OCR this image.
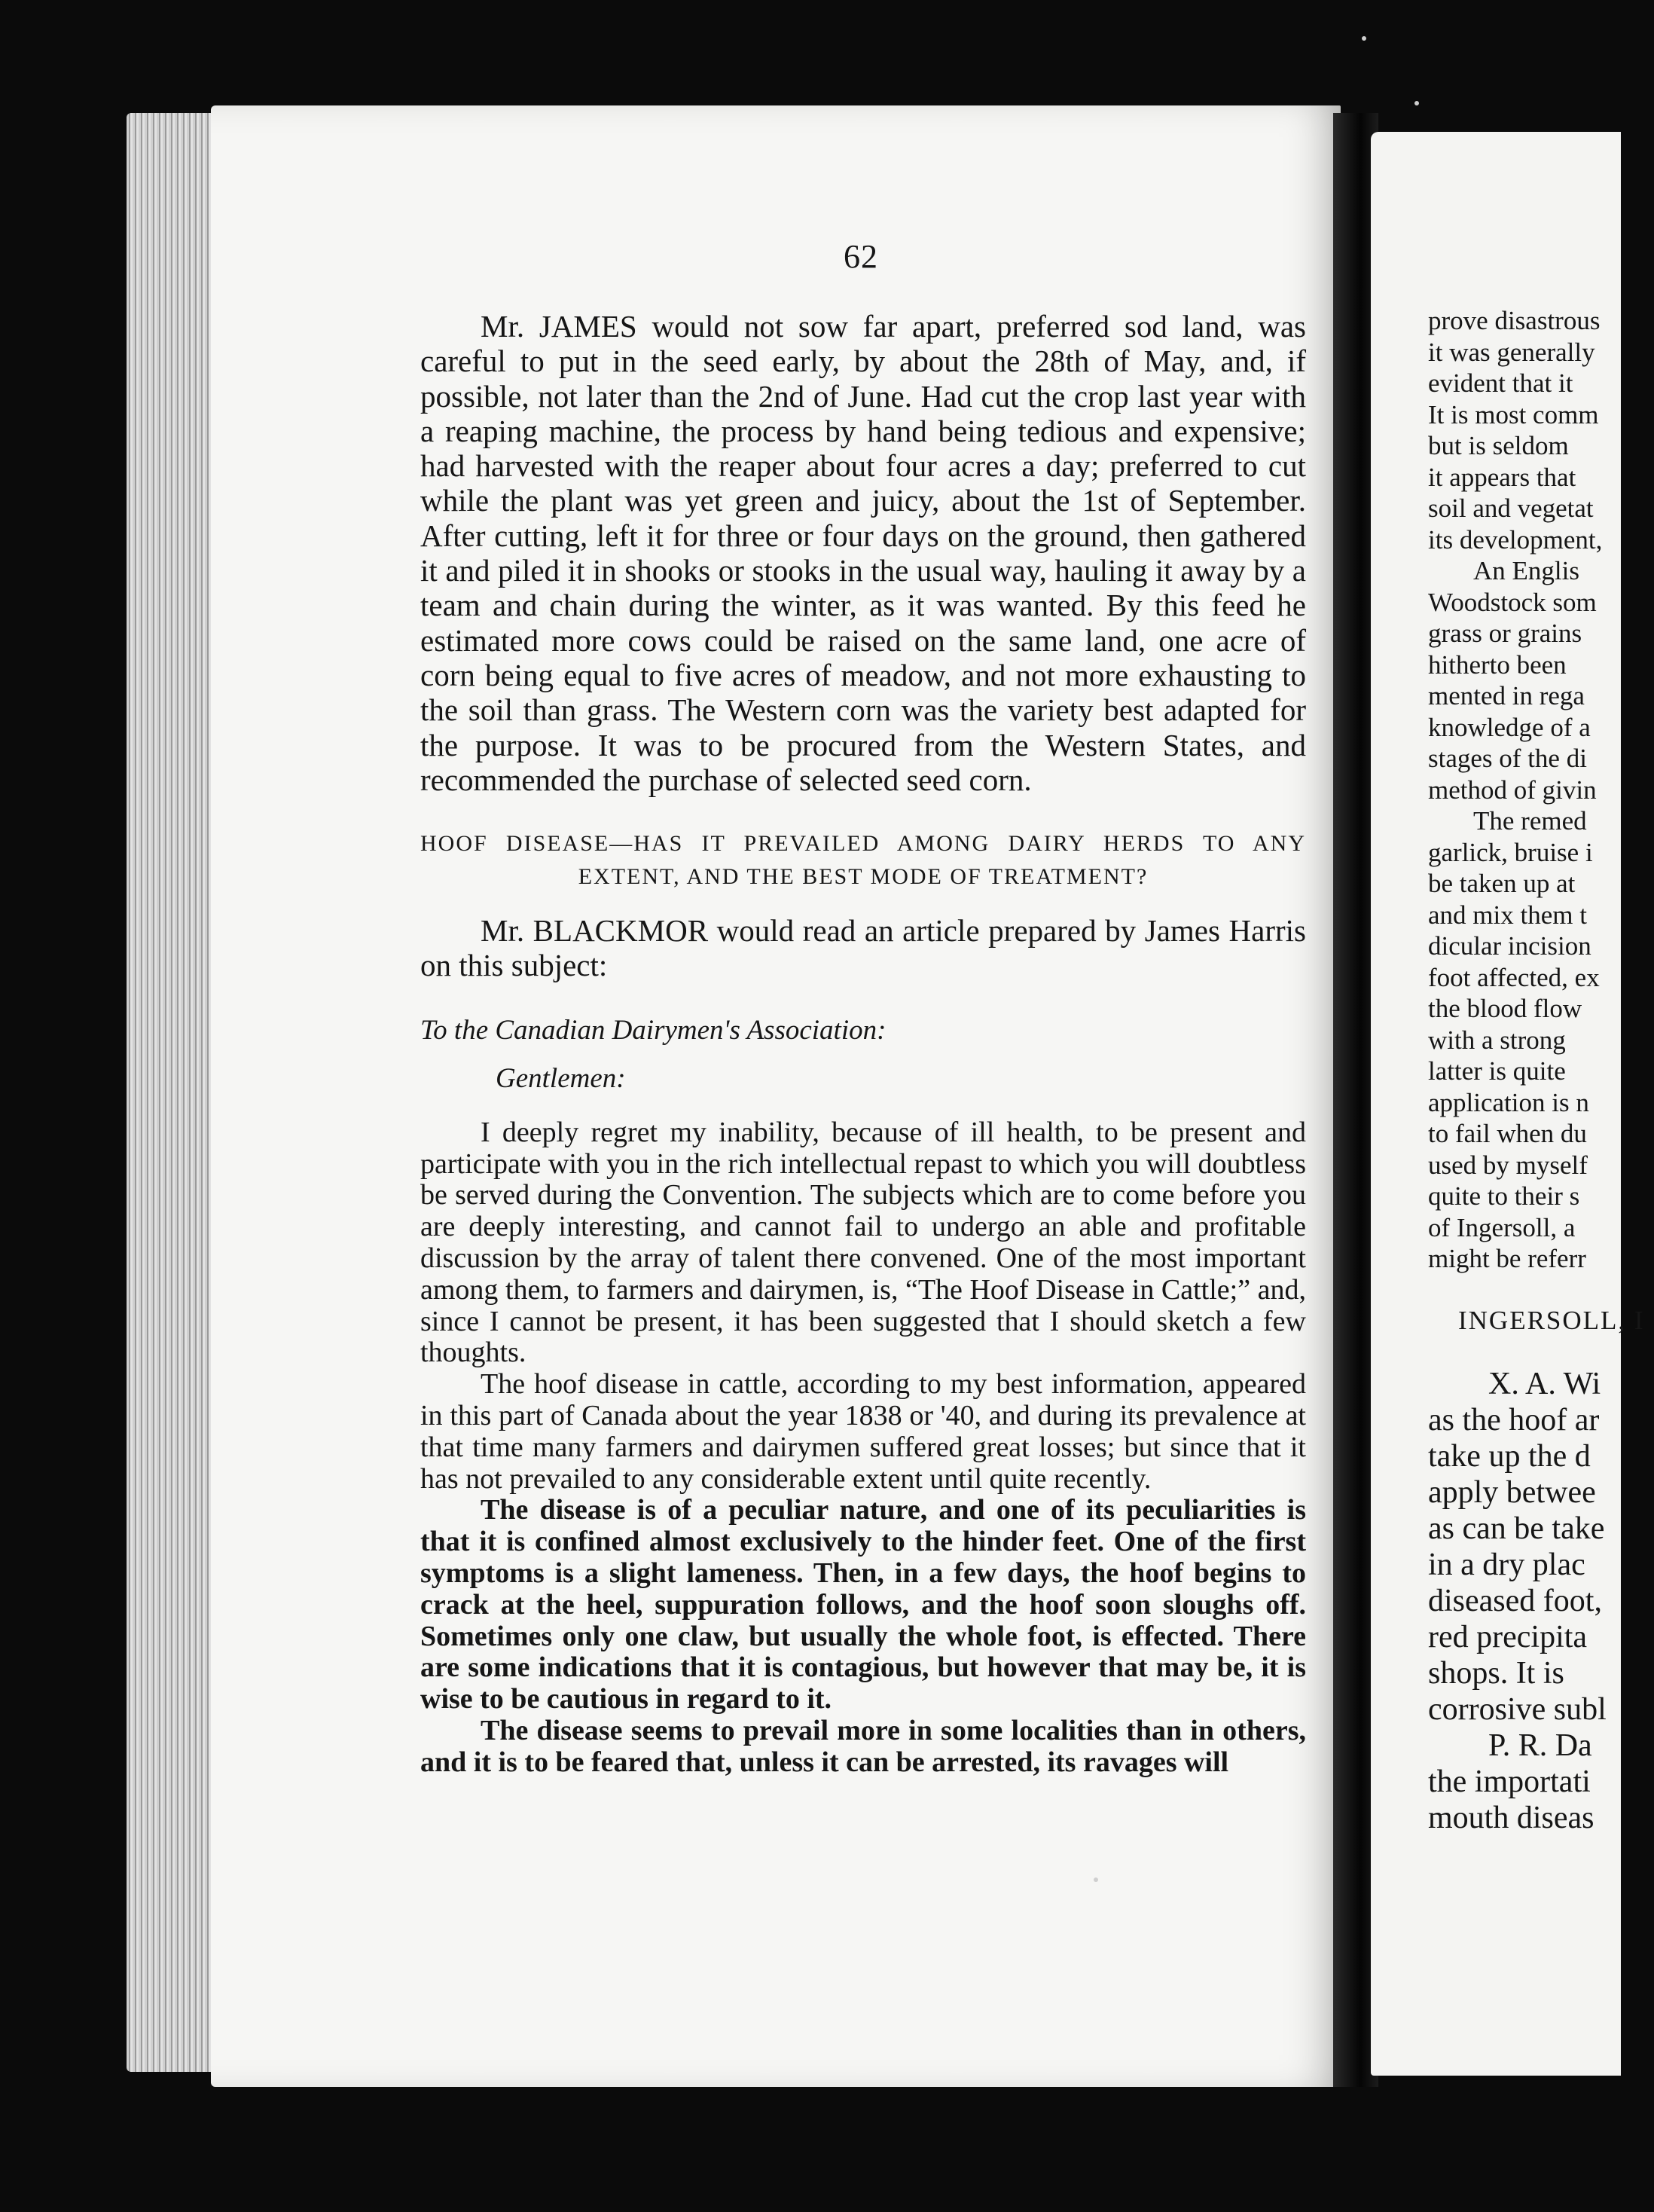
62

Mr. JAMES would not sow far apart, preferred sod land, was careful to put in the seed early, by about the 28th of May, and, if possible, not later than the 2nd of June. Had cut the crop last year with a reaping machine, the process by hand being tedious and expensive; had harvested with the reaper about four acres a day; preferred to cut while the plant was yet green and juicy, about the 1st of September. After cutting, left it for three or four days on the ground, then gathered it and piled it in shooks or stooks in the usual way, hauling it away by a team and chain during the winter, as it was wanted. By this feed he estimated more cows could be raised on the same land, one acre of corn being equal to five acres of meadow, and not more exhausting to the soil than grass. The Western corn was the variety best adapted for the purpose. It was to be procured from the Western States, and recommended the purchase of selected seed corn.

HOOF DISEASE—HAS IT PREVAILED AMONG DAIRY HERDS TO ANY
EXTENT, AND THE BEST MODE OF TREATMENT?

Mr. BLACKMOR would read an article prepared by James Harris on this subject:

To the Canadian Dairymen's Association:

Gentlemen:

I deeply regret my inability, because of ill health, to be present and participate with you in the rich intellectual repast to which you will doubtless be served during the Convention. The subjects which are to come before you are deeply interesting, and cannot fail to undergo an able and profitable discussion by the array of talent there convened. One of the most important among them, to farmers and dairymen, is, “The Hoof Disease in Cattle;” and, since I cannot be present, it has been suggested that I should sketch a few thoughts.

The hoof disease in cattle, according to my best information, appeared in this part of Canada about the year 1838 or '40, and during its prevalence at that time many farmers and dairymen suffered great losses; but since that it has not prevailed to any considerable extent until quite recently.

The disease is of a peculiar nature, and one of its peculiarities is that it is confined almost exclusively to the hinder feet. One of the first symptoms is a slight lameness. Then, in a few days, the hoof begins to crack at the heel, suppuration follows, and the hoof soon sloughs off. Sometimes only one claw, but usually the whole foot, is effected. There are some indications that it is contagious, but however that may be, it is wise to be cautious in regard to it.

The disease seems to prevail more in some localities than in others, and it is to be feared that, unless it can be arrested, its ravages will

prove disastrous
it was generally
evident that it
It is most comm
but is seldom
it appears that
soil and vegetat
its development,
An Englis
Woodstock som
grass or grains
hitherto been
mented in rega
knowledge of a
stages of the di
method of givin
The remed
garlick, bruise i
be taken up at
and mix them t
dicular incision
foot affected, ex
the blood flow
with a strong
latter is quite
application is n
to fail when du
used by myself
quite to their s
of Ingersoll, a
might be referr
INGERSOLL, I
X. A. Wi
as the hoof ar
take up the d
apply betwee
as can be take
in a dry plac
diseased foot,
red precipita
shops. It is
corrosive subl
P. R. Da
the importati
mouth diseas
